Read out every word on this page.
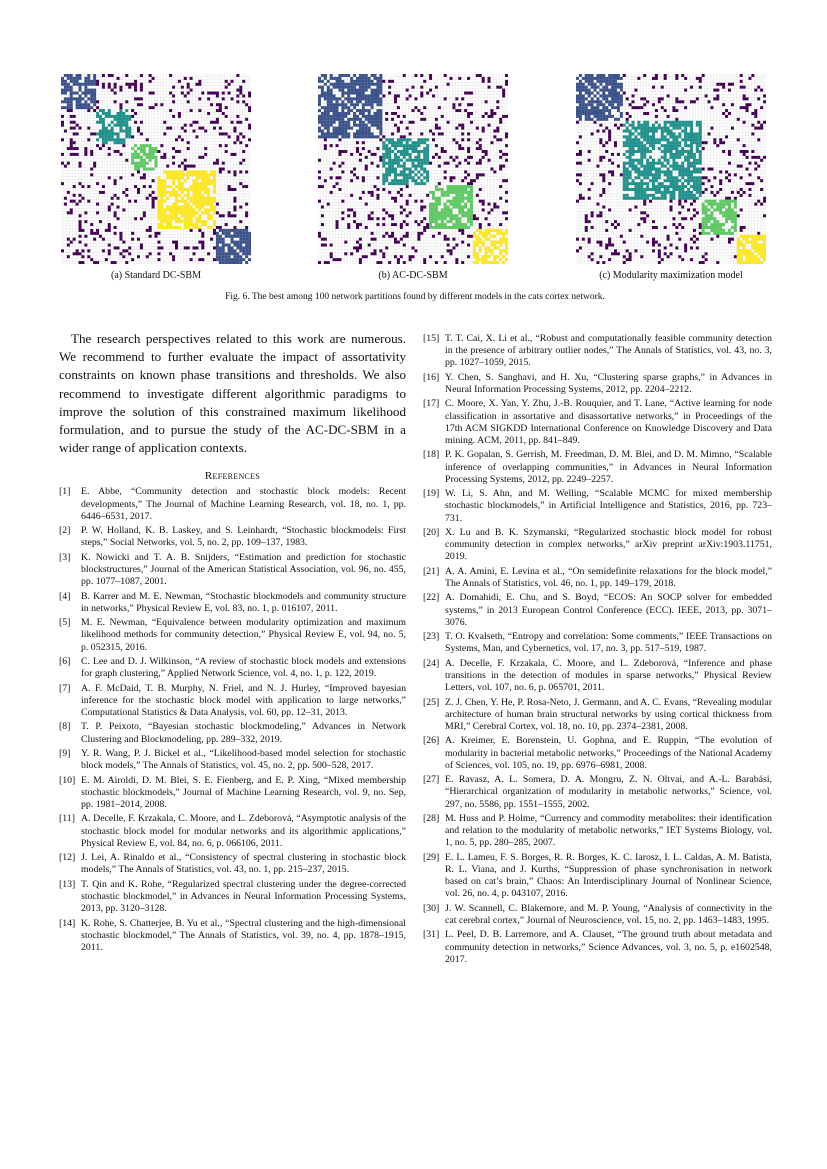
(a) Standard DC-SBM	(b) AC-DC-SBM	(c) Modularity maximization model
Fig. 6. The best among 100 network partitions found by different models in the cats cortex network.

The research perspectives related to this work are numerous. We recommend to further evaluate the impact of assortativity constraints on known phase transitions and thresholds. We also recommend to investigate different algorithmic paradigms to improve the solution of this constrained maximum likelihood formulation, and to pursue the study of the AC-DC-SBM in a wider range of application contexts.

References
[1]	E. Abbe, “Community detection and stochastic block models: Recent developments,” The Journal of Machine Learning Research, vol. 18, no. 1, pp. 6446–6531, 2017.
[2]	P. W. Holland, K. B. Laskey, and S. Leinhardt, “Stochastic blockmodels: First steps,” Social Networks, vol. 5, no. 2, pp. 109–137, 1983.
[3]	K. Nowicki and T. A. B. Snijders, “Estimation and prediction for stochastic blockstructures,” Journal of the American Statistical Association, vol. 96, no. 455, pp. 1077–1087, 2001.
[4]	B. Karrer and M. E. Newman, “Stochastic blockmodels and community structure in networks,” Physical Review E, vol. 83, no. 1, p. 016107, 2011.
[5]	M. E. Newman, “Equivalence between modularity optimization and maximum likelihood methods for community detection,” Physical Review E, vol. 94, no. 5, p. 052315, 2016.
[6]	C. Lee and D. J. Wilkinson, “A review of stochastic block models and extensions for graph clustering,” Applied Network Science, vol. 4, no. 1, p. 122, 2019.
[7]	A. F. McDaid, T. B. Murphy, N. Friel, and N. J. Hurley, “Improved bayesian inference for the stochastic block model with application to large networks,” Computational Statistics & Data Analysis, vol. 60, pp. 12–31, 2013.
[8]	T. P. Peixoto, “Bayesian stochastic blockmodeling,” Advances in Network Clustering and Blockmodeling, pp. 289–332, 2019.
[9]	Y. R. Wang, P. J. Bickel et al., “Likelihood-based model selection for stochastic block models,” The Annals of Statistics, vol. 45, no. 2, pp. 500–528, 2017.
[10] E. M. Airoldi, D. M. Blei, S. E. Fienberg, and E. P. Xing, “Mixed membership stochastic blockmodels,” Journal of Machine Learning Research, vol. 9, no. Sep, pp. 1981–2014, 2008.
[11] A. Decelle, F. Krzakala, C. Moore, and L. Zdeborová, “Asymptotic analysis of the stochastic block model for modular networks and its algorithmic applications,” Physical Review E, vol. 84, no. 6, p. 066106, 2011.
[12] J. Lei, A. Rinaldo et al., “Consistency of spectral clustering in stochastic block models,” The Annals of Statistics, vol. 43, no. 1, pp. 215–237, 2015.
[13] T. Qin and K. Rohe, “Regularized spectral clustering under the degree-corrected stochastic blockmodel,” in Advances in Neural Information Processing Systems, 2013, pp. 3120–3128.
[14] K. Rohe, S. Chatterjee, B. Yu et al., “Spectral clustering and the high-dimensional stochastic blockmodel,” The Annals of Statistics, vol. 39, no. 4, pp. 1878–1915, 2011.
[15] T. T. Cai, X. Li et al., “Robust and computationally feasible community detection in the presence of arbitrary outlier nodes,” The Annals of Statistics, vol. 43, no. 3, pp. 1027–1059, 2015.
[16] Y. Chen, S. Sanghavi, and H. Xu, “Clustering sparse graphs,” in Advances in Neural Information Processing Systems, 2012, pp. 2204–2212.
[17] C. Moore, X. Yan, Y. Zhu, J.-B. Rouquier, and T. Lane, “Active learning for node classification in assortative and disassortative networks,” in Proceedings of the 17th ACM SIGKDD International Conference on Knowledge Discovery and Data mining. ACM, 2011, pp. 841–849.
[18] P. K. Gopalan, S. Gerrish, M. Freedman, D. M. Blei, and D. M. Mimno, “Scalable inference of overlapping communities,” in Advances in Neural Information Processing Systems, 2012, pp. 2249–2257.
[19] W. Li, S. Ahn, and M. Welling, “Scalable MCMC for mixed membership stochastic blockmodels,” in Artificial Intelligence and Statistics, 2016, pp. 723–731.
[20] X. Lu and B. K. Szymanski, “Regularized stochastic block model for robust community detection in complex networks,” arXiv preprint arXiv:1903.11751, 2019.
[21] A. A. Amini, E. Levina et al., “On semidefinite relaxations for the block model,” The Annals of Statistics, vol. 46, no. 1, pp. 149–179, 2018.
[22] A. Domahidi, E. Chu, and S. Boyd, “ECOS: An SOCP solver for embedded systems,” in 2013 European Control Conference (ECC). IEEE, 2013, pp. 3071–3076.
[23] T. O. Kvalseth, “Entropy and correlation: Some comments,” IEEE Transactions on Systems, Man, and Cybernetics, vol. 17, no. 3, pp. 517–519, 1987.
[24] A. Decelle, F. Krzakala, C. Moore, and L. Zdeborová, “Inference and phase transitions in the detection of modules in sparse networks,” Physical Review Letters, vol. 107, no. 6, p. 065701, 2011.
[25] Z. J. Chen, Y. He, P. Rosa-Neto, J. Germann, and A. C. Evans, “Revealing modular architecture of human brain structural networks by using cortical thickness from MRI,” Cerebral Cortex, vol. 18, no. 10, pp. 2374–2381, 2008.
[26] A. Kreimer, E. Borenstein, U. Gophna, and E. Ruppin, “The evolution of modularity in bacterial metabolic networks,” Proceedings of the National Academy of Sciences, vol. 105, no. 19, pp. 6976–6981, 2008.
[27] E. Ravasz, A. L. Somera, D. A. Mongru, Z. N. Oltvai, and A.-L. Barabási, “Hierarchical organization of modularity in metabolic networks,” Science, vol. 297, no. 5586, pp. 1551–1555, 2002.
[28] M. Huss and P. Holme, “Currency and commodity metabolites: their identification and relation to the modularity of metabolic networks,” IET Systems Biology, vol. 1, no. 5, pp. 280–285, 2007.
[29] E. L. Lameu, F. S. Borges, R. R. Borges, K. C. Iarosz, I. L. Caldas, A. M. Batista, R. L. Viana, and J. Kurths, “Suppression of phase synchronisation in network based on cat’s brain,” Chaos: An Interdisciplinary Journal of Nonlinear Science, vol. 26, no. 4, p. 043107, 2016.
[30] J. W. Scannell, C. Blakemore, and M. P. Young, “Analysis of connectivity in the cat cerebral cortex,” Journal of Neuroscience, vol. 15, no. 2, pp. 1463–1483, 1995.
[31] L. Peel, D. B. Larremore, and A. Clauset, “The ground truth about metadata and community detection in networks,” Science Advances, vol. 3, no. 5, p. e1602548, 2017.
